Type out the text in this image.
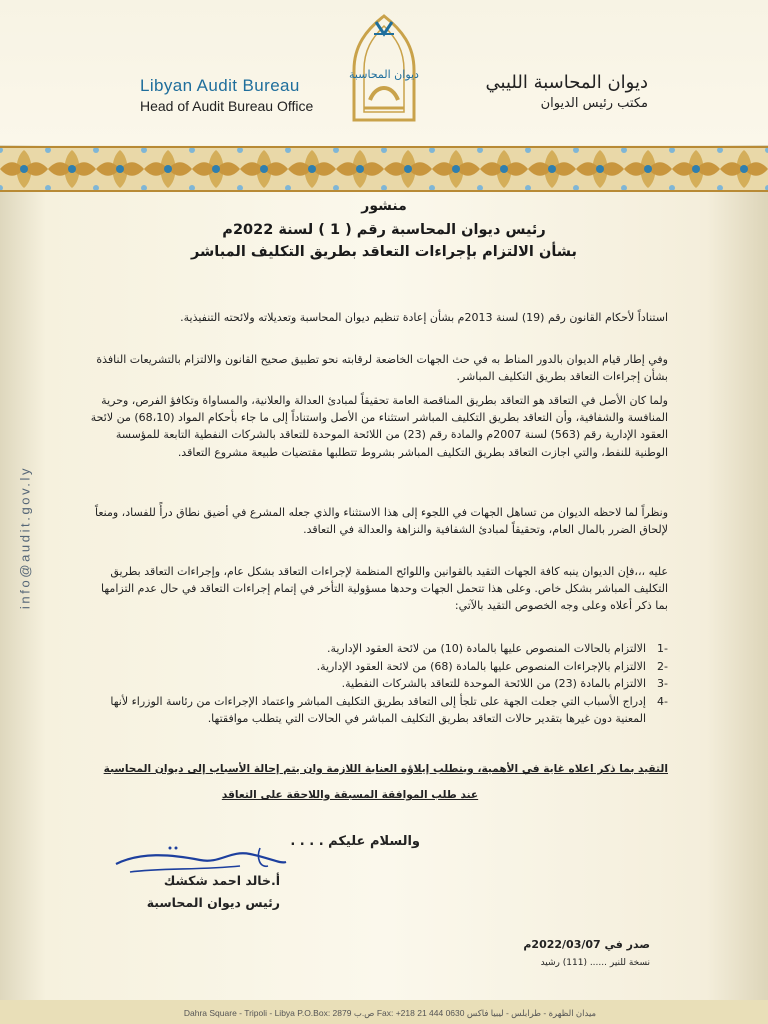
Libyan Audit Bureau
Head of Audit Bureau Office
ديوان المحاسبة الليبي
مكتب رئيس الديوان
ديوان المحاسبة
info@audit.gov.ly

منشور

رئيس ديوان المحاسبة رقم ( 1 ) لسنة 2022م

بشأن الالتزام بإجراءات التعاقد بطريق التكليف المباشر

استناداً لأحكام القانون رقم (19) لسنة 2013م بشأن إعادة تنظيم ديوان المحاسبة وتعديلاته ولائحته التنفيذية.
وفي إطار قيام الديوان بالدور المناط به في حث الجهات الخاضعة لرقابته نحو تطبيق صحيح القانون والالتزام بالتشريعات النافذة بشأن إجراءات التعاقد بطريق التكليف المباشر.
ولما كان الأصل في التعاقد هو التعاقد بطريق المناقصة العامة تحقيقاً لمبادئ العدالة والعلانية، والمساواة وتكافؤ الفرص، وحرية المنافسة والشفافية، وأن التعاقد بطريق التكليف المباشر استثناء من الأصل واستناداً إلى ما جاء بأحكام المواد (68،10) من لائحة العقود الإدارية رقم (563) لسنة 2007م والمادة رقم (23) من اللائحة الموحدة للتعاقد بالشركات النفطية التابعة للمؤسسة الوطنية للنفط، والتي اجازت التعاقد بطريق التكليف المباشر بشروط تتطلبها مقتضيات طبيعة مشروع التعاقد.
ونظراً لما لاحظه الديوان من تساهل الجهات في اللجوء إلى هذا الاستثناء والذي جعله المشرع في أضيق نطاق درأً للفساد، ومنعاً لإلحاق الضرر بالمال العام، وتحقيقاً لمبادئ الشفافية والنزاهة والعدالة في التعاقد.
عليه ،،،فإن الديوان ينبه كافة الجهات التقيد بالقوانين واللوائح المنظمة لإجراءات التعاقد بشكل عام، وإجراءات التعاقد بطريق التكليف المباشر بشكل خاص. وعلى هذا تتحمل الجهات وحدها مسؤولية التأخر في إتمام إجراءات التعاقد في حال عدم التزامها بما ذكر أعلاه وعلى وجه الخصوص التقيد بالآتي:
-1
الالتزام بالحالات المنصوص عليها بالمادة (10) من لائحة العقود الإدارية.
-2
الالتزام بالإجراءات المنصوص عليها بالمادة (68) من لائحة العقود الإدارية.
-3
الالتزام بالمادة (23) من اللائحة الموحدة للتعاقد بالشركات النفطية.
-4
إدراج الأسباب التي جعلت الجهة على تلجأ إلى التعاقد بطريق التكليف المباشر واعتماد الإجراءات من رئاسة الوزراء لأنها المعنية دون غيرها بتقدير حالات التعاقد بطريق التكليف المباشر في الحالات التي يتطلب موافقتها.
التقيد بما ذكر اعلاه غاية في الأهمية، ويتطلب إيلاؤه العناية اللازمة وان يتم إحالة الأسباب إلى ديوان المحاسبة
عند طلب الموافقة المسبقة واللاحقة على التعاقد
والسلام عليكم . . . .
أ.خالد احمد شكشك
رئيس ديوان المحاسبة
صدر في 2022/03/07م
نسخة للنير ...... (111) رشيد
Dahra Square - Tripoli - Libya P.O.Box: 2879 ص.ب Fax: +218 21 444 0630 ميدان الظهرة - طرابلس - ليبيا فاكس
